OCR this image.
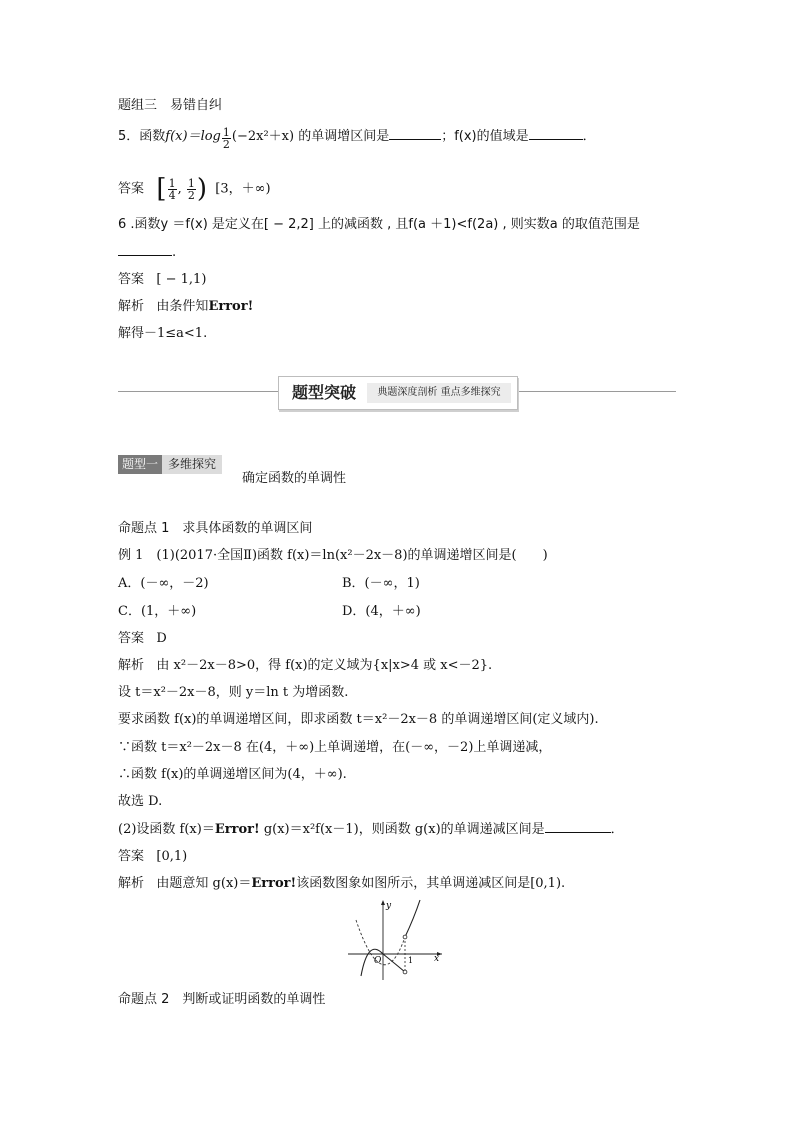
题组三　易错自纠
5．函数$f(x)=\log \frac{1}{2} (-2x^2+x)$ 的单调增区间是	；f(x)的值域是	．
答案 [ $\frac{1}{4}$ , $\frac{1}{2}$ ) [3，＋∞)
6 .函数y ＝f(x) 是定义在[ − 2,2] 上的减函数 , 且f(a ＋1)<f(2a) , 则实数a 的取值范围是
.
答案 [ − 1,1)
解析 由条件知Error!
解得－1≤a<1.
题型突破	典题深度剖析 重点多维探究
题型一 多维探究
确定函数的单调性
命题点 1　求具体函数的单调区间
例 1　(1)(2017·全国Ⅱ)函数 f(x)＝ln(x²－2x－8)的单调递增区间是(　　)
A．(－∞，－2)	B．(－∞，1)
C．(1，＋∞)	D．(4，＋∞)
答案 D
解析 由 x²－2x－8>0，得 f(x)的定义域为{x|x>4 或 x<－2}.
设 t＝x²－2x－8，则 y＝ln t 为增函数.
要求函数 f(x)的单调递增区间，即求函数 t＝x²－2x－8 的单调递增区间(定义域内).
∵函数 t＝x²－2x－8 在(4，＋∞)上单调递增，在(－∞，－2)上单调递减，
∴函数 f(x)的单调递增区间为(4，＋∞).
故选 D.
(2)设函数 f(x)＝Error! g(x)＝x²f(x－1)，则函数 g(x)的单调递减区间是	．
答案 [0,1)
解析 由题意知 g(x)＝Error!该函数图象如图所示，其单调递减区间是[0,1).
y
x
O	1
命题点 2　判断或证明函数的单调性
